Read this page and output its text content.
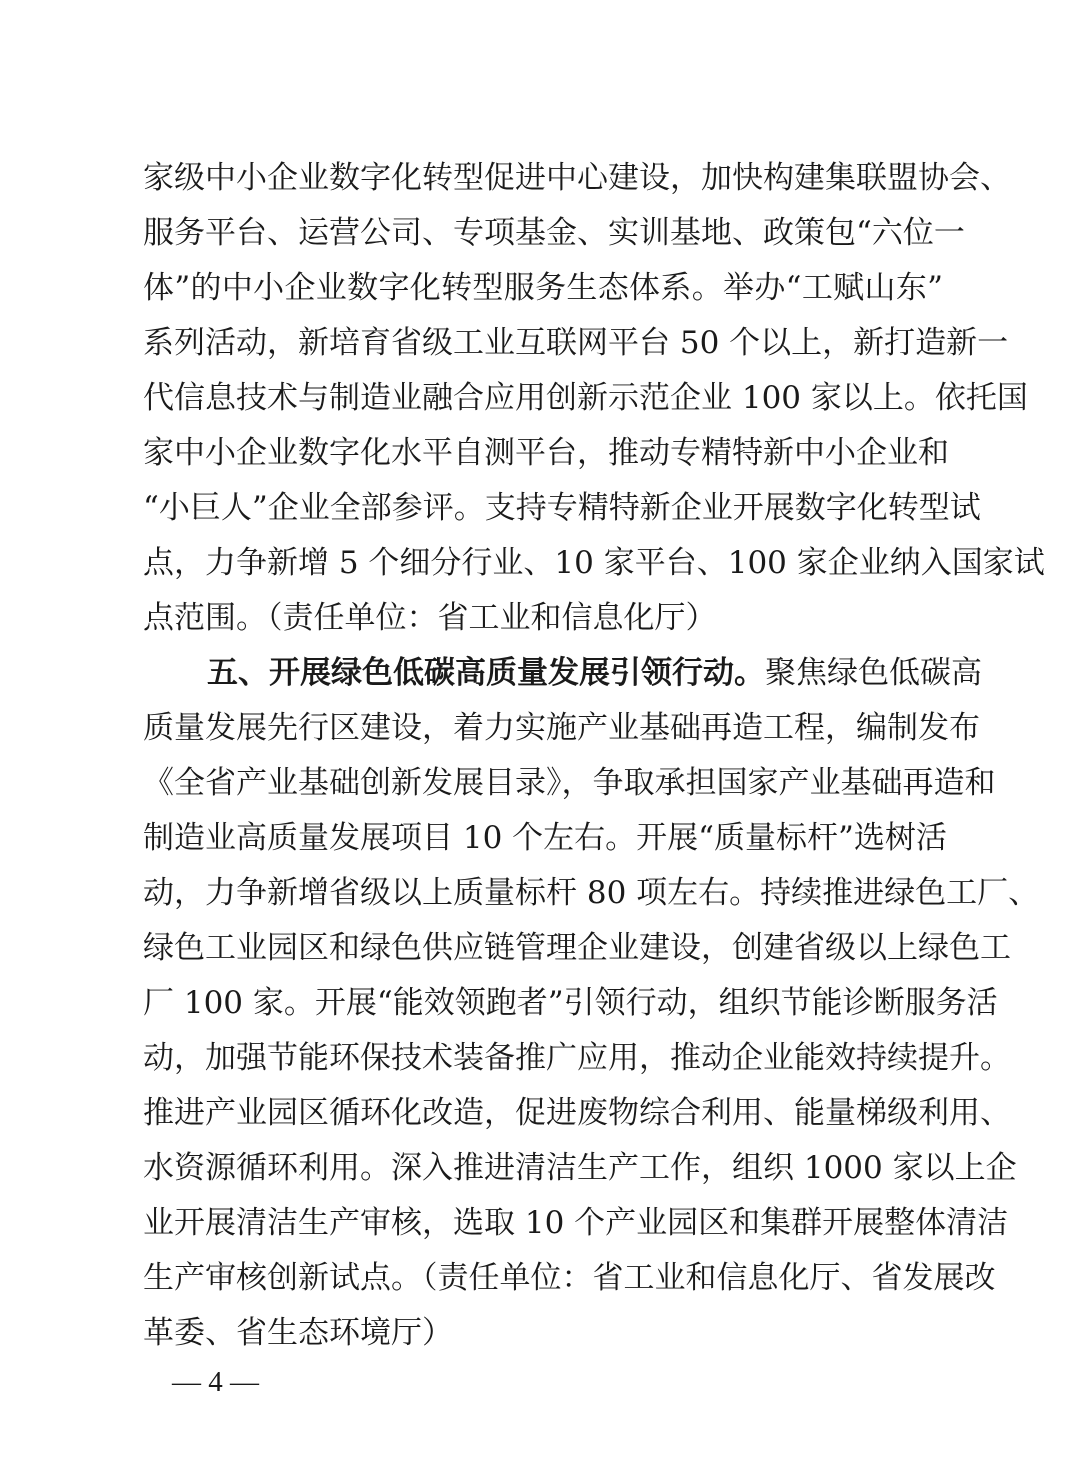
家级中小企业数字化转型促进中心建设，加快构建集联盟协会、
服务平台、运营公司、专项基金、实训基地、政策包“六位一
体”的中小企业数字化转型服务生态体系。举办“工赋山东”
系列活动，新培育省级工业互联网平台 50 个以上，新打造新一
代信息技术与制造业融合应用创新示范企业 100 家以上。依托国
家中小企业数字化水平自测平台，推动专精特新中小企业和
“小巨人”企业全部参评。支持专精特新企业开展数字化转型试
点，力争新增 5 个细分行业、10 家平台、100 家企业纳入国家试
点范围。（责任单位：省工业和信息化厅）
五、开展绿色低碳高质量发展引领行动。聚焦绿色低碳高
质量发展先行区建设，着力实施产业基础再造工程，编制发布
《全省产业基础创新发展目录》，争取承担国家产业基础再造和
制造业高质量发展项目 10 个左右。开展“质量标杆”选树活
动，力争新增省级以上质量标杆 80 项左右。持续推进绿色工厂、
绿色工业园区和绿色供应链管理企业建设，创建省级以上绿色工
厂 100 家。开展“能效领跑者”引领行动，组织节能诊断服务活
动，加强节能环保技术装备推广应用，推动企业能效持续提升。
推进产业园区循环化改造，促进废物综合利用、能量梯级利用、
水资源循环利用。深入推进清洁生产工作，组织 1000 家以上企
业开展清洁生产审核，选取 10 个产业园区和集群开展整体清洁
生产审核创新试点。（责任单位：省工业和信息化厅、省发展改
革委、省生态环境厅）
— 4 —
